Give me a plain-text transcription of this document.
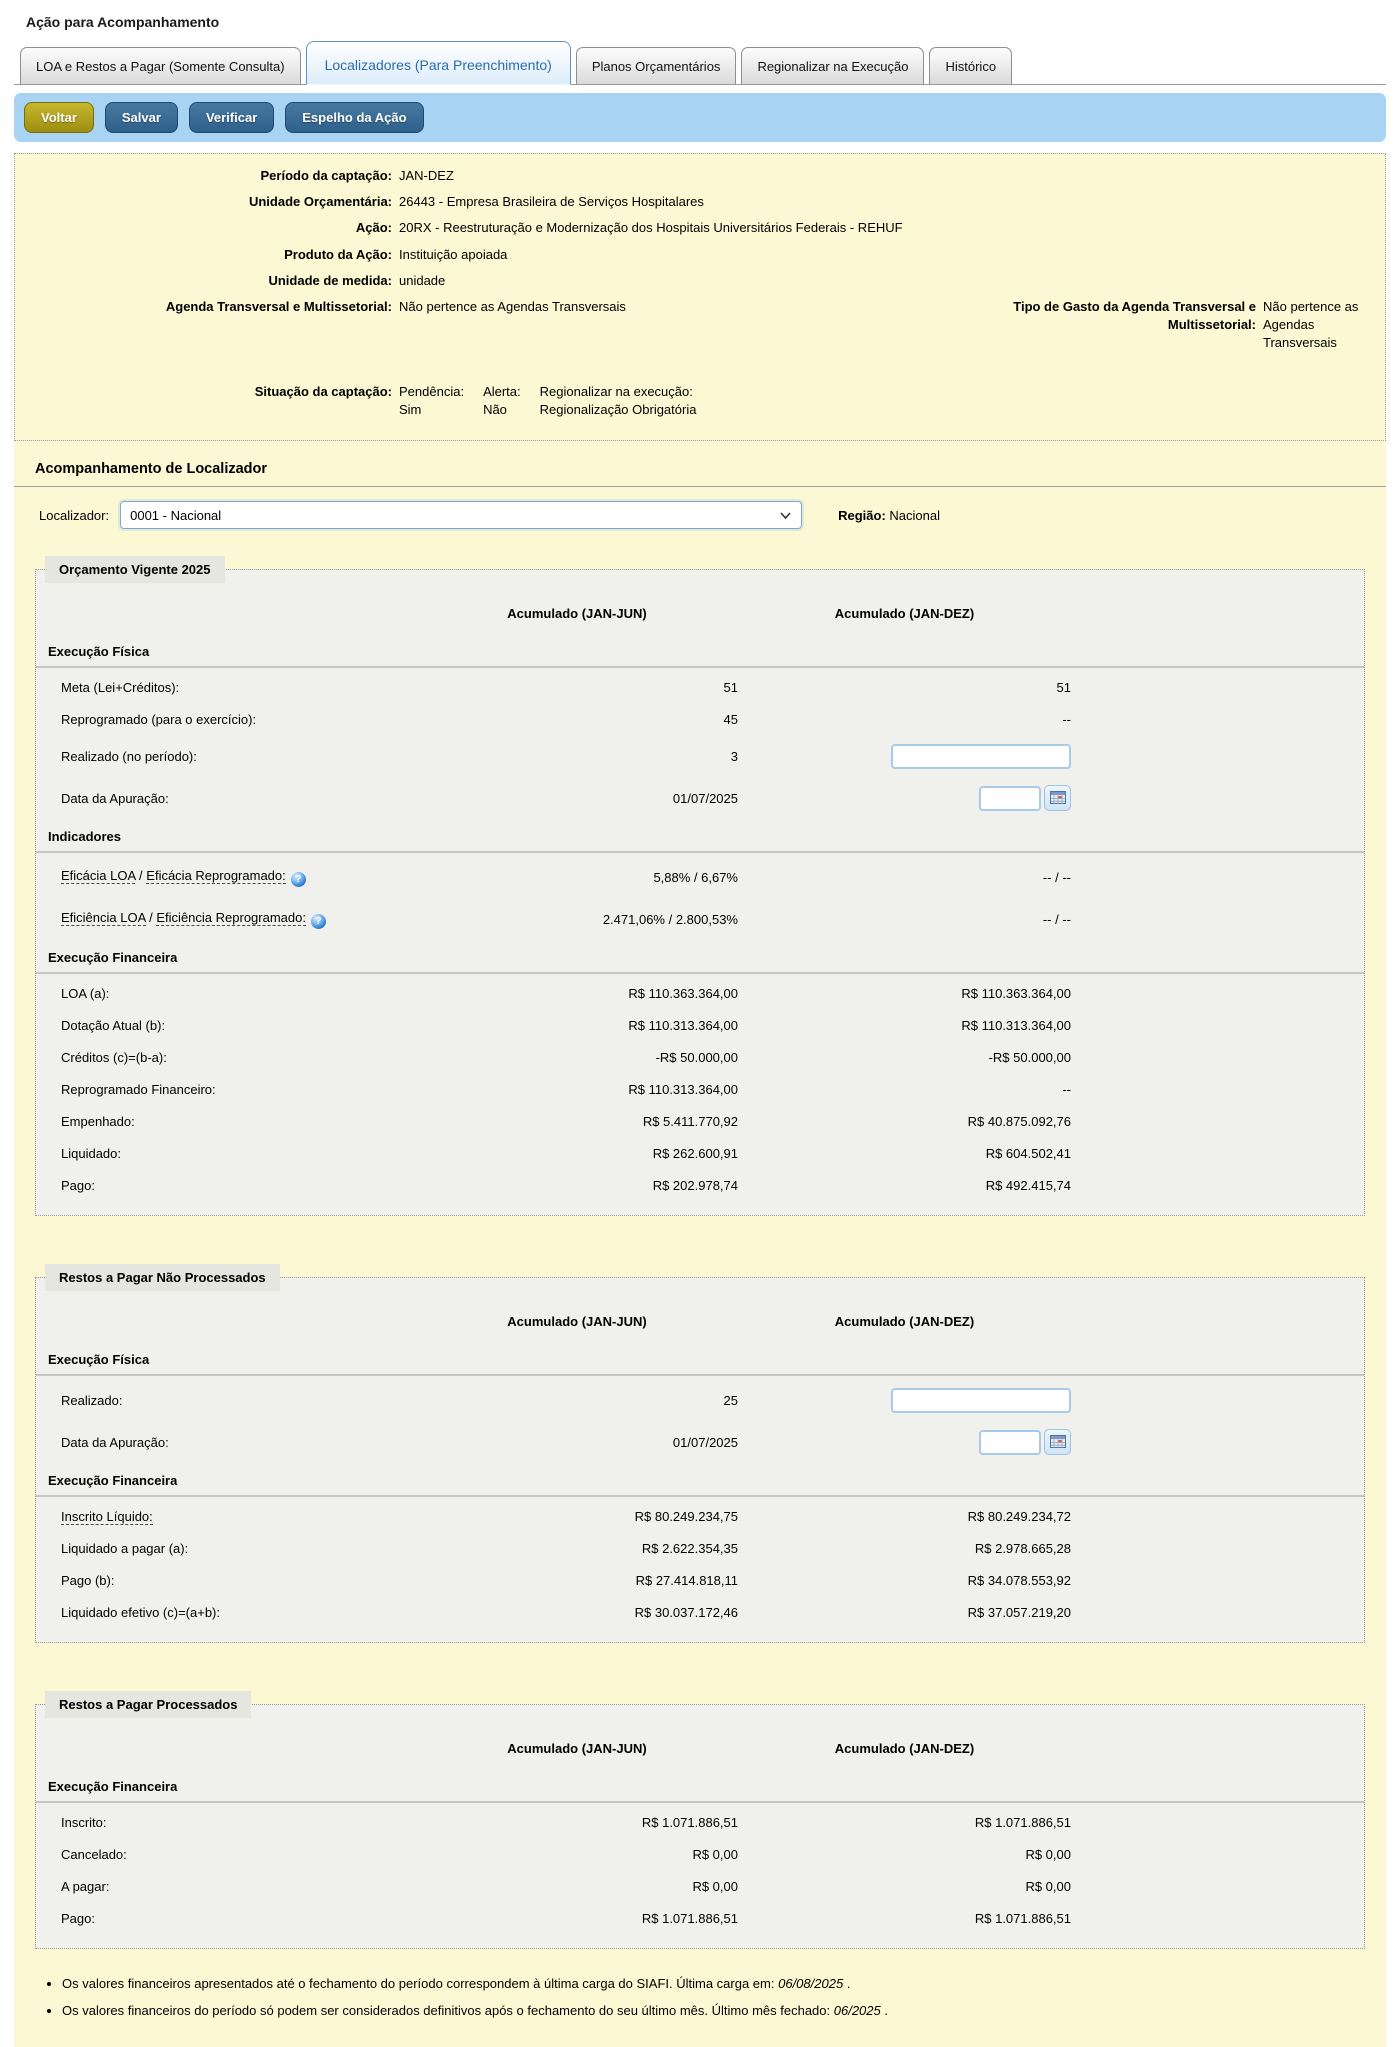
Ação para Acompanhamento
LOA e Restos a Pagar (Somente Consulta)	Localizadores (Para Preenchimento)	Planos Orçamentários	Regionalizar na Execução	Histórico
Voltar	Salvar	Verificar	Espelho da Ação
Período da captação: JAN-DEZ
Unidade Orçamentária: 26443 - Empresa Brasileira de Serviços Hospitalares
Ação: 20RX - Reestruturação e Modernização dos Hospitais Universitários Federais - REHUF
Produto da Ação: Instituição apoiada
Unidade de medida: unidade
Agenda Transversal e Multissetorial: Não pertence as Agendas Transversais	Tipo de Gasto da Agenda Transversal e Multissetorial:
Não pertence as Agendas Transversais
Situação da captação: Pendência:
Sim
Alerta:
Não
Regionalizar na execução:
Regionalização Obrigatória
Acompanhamento de Localizador
Localizador: 0001 - Nacional	Região: Nacional
Orçamento Vigente 2025
Acumulado (JAN-JUN)	Acumulado (JAN-DEZ)
Execução Física
Meta (Lei+Créditos):	51	51
Reprogramado (para o exercício):	45	--
Realizado (no período):	3
Data da Apuração:	01/07/2025
Indicadores
Eficácia LOA / Eficácia Reprogramado: ?	5,88% / 6,67%	-- / --
Eficiência LOA / Eficiência Reprogramado: ?	2.471,06% / 2.800,53%	-- / --
Execução Financeira
LOA (a):	R$ 110.363.364,00	R$ 110.363.364,00
Dotação Atual (b):	R$ 110.313.364,00	R$ 110.313.364,00
Créditos (c)=(b-a):	-R$ 50.000,00	-R$ 50.000,00
Reprogramado Financeiro:	R$ 110.313.364,00	--
Empenhado:	R$ 5.411.770,92	R$ 40.875.092,76
Liquidado:	R$ 262.600,91	R$ 604.502,41
Pago:	R$ 202.978,74	R$ 492.415,74
Restos a Pagar Não Processados
Acumulado (JAN-JUN)	Acumulado (JAN-DEZ)
Execução Física
Realizado:	25
Data da Apuração:	01/07/2025
Execução Financeira
Inscrito Líquido:	R$ 80.249.234,75	R$ 80.249.234,72
Liquidado a pagar (a):	R$ 2.622.354,35	R$ 2.978.665,28
Pago (b):	R$ 27.414.818,11	R$ 34.078.553,92
Liquidado efetivo (c)=(a+b):	R$ 30.037.172,46	R$ 37.057.219,20
Restos a Pagar Processados
Acumulado (JAN-JUN)	Acumulado (JAN-DEZ)
Execução Financeira
Inscrito:	R$ 1.071.886,51	R$ 1.071.886,51
Cancelado:	R$ 0,00	R$ 0,00
A pagar:	R$ 0,00	R$ 0,00
Pago:	R$ 1.071.886,51	R$ 1.071.886,51
• Os valores financeiros apresentados até o fechamento do período correspondem à última carga do SIAFI. Última carga em: 06/08/2025 .
• Os valores financeiros do período só podem ser considerados definitivos após o fechamento do seu último mês. Último mês fechado: 06/2025 .
